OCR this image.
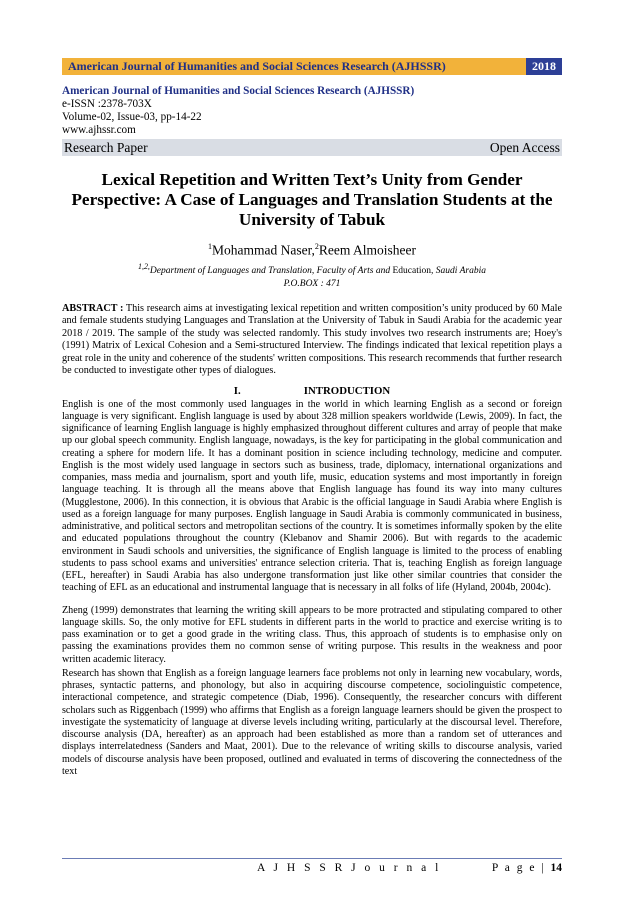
American Journal of Humanities and Social Sciences Research (AJHSSR)	2018
American Journal of Humanities and Social Sciences Research (AJHSSR)
e-ISSN :2378-703X
Volume-02, Issue-03, pp-14-22
www.ajhssr.com
Research Paper	Open Access
Lexical Repetition and Written Text’s Unity from Gender Perspective: A Case of Languages and Translation Students at the University of Tabuk
$^1$Mohammad Naser,$^2$Reem Almoisheer
$^{1,2,}$Department of Languages and Translation, Faculty of Arts and Education, Saudi Arabia
P.O.BOX : 471
ABSTRACT : This research aims at investigating lexical repetition and written composition’s unity produced by 60 Male and female students studying Languages and Translation at the University of Tabuk in Saudi Arabia for the academic year 2018 / 2019. The sample of the study was selected randomly. This study involves two research instruments are; Hoey's (1991) Matrix of Lexical Cohesion and a Semi-structured Interview. The findings indicated that lexical repetition plays a great role in the unity and coherence of the students' written compositions. This research recommends that further research be conducted to investigate other types of dialogues.
I.	INTRODUCTION

English is one of the most commonly used languages in the world in which learning English as a second or foreign language is very significant. English language is used by about 328 million speakers worldwide (Lewis, 2009). In fact, the significance of learning English language is highly emphasized throughout different cultures and array of people that make up our global speech community. English language, nowadays, is the key for participating in the global communication and creating a sphere for modern life. It has a dominant position in science including technology, medicine and computer. English is the most widely used language in sectors such as business, trade, diplomacy, international organizations and companies, mass media and journalism, sport and youth life, music, education systems and most importantly in foreign language teaching. It is through all the means above that English language has found its way into many cultures (Mugglestone, 2006). In this connection, it is obvious that Arabic is the official language in Saudi Arabia where English is used as a foreign language for many purposes. English language in Saudi Arabia is commonly communicated in business, administrative, and political sectors and metropolitan sections of the country. It is sometimes informally spoken by the elite and educated populations throughout the country (Klebanov and Shamir 2006). But with regards to the academic environment in Saudi schools and universities, the significance of English language is limited to the process of enabling students to pass school exams and universities' entrance selection criteria. That is, teaching English as foreign language (EFL, hereafter) in Saudi Arabia has also undergone transformation just like other similar countries that consider the teaching of EFL as an educational and instrumental language that is necessary in all folks of life (Hyland, 2004b, 2004c).

Zheng (1999) demonstrates that learning the writing skill appears to be more protracted and stipulating compared to other language skills. So, the only motive for EFL students in different parts in the world to practice and exercise writing is to pass examination or to get a good grade in the writing class. Thus, this approach of students is to emphasise only on passing the examinations provides them no common sense of writing purpose. This results in the weakness and poor written academic literacy.

Research has shown that English as a foreign language learners face problems not only in learning new vocabulary, words, phrases, syntactic patterns, and phonology, but also in acquiring discourse competence, sociolinguistic competence, interactional competence, and strategic competence (Diab, 1996). Consequently, the researcher concurs with different scholars such as Riggenbach (1999) who affirms that English as a foreign language learners should be given the prospect to investigate the systematicity of language at diverse levels including writing, particularly at the discoursal level. Therefore, discourse analysis (DA, hereafter) as an approach had been established as more than a random set of utterances and displays interrelatedness (Sanders and Maat, 2001). Due to the relevance of writing skills to discourse analysis, varied models of discourse analysis have been proposed, outlined and evaluated in terms of discovering the connectedness of the text

A J H S S R J o u r n a l	P a g e | 14
